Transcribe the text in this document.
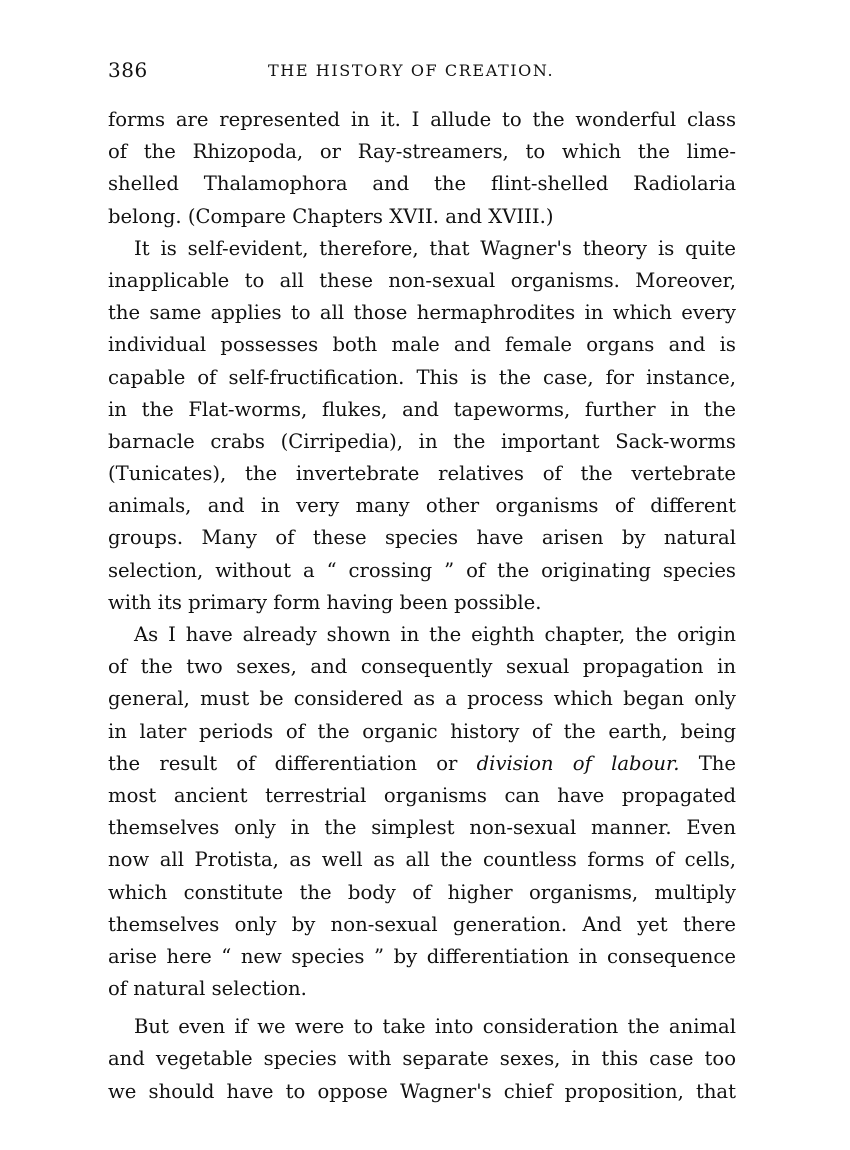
386	THE HISTORY OF CREATION.
forms are represented in it. I allude to the wonderful class
of the Rhizopoda, or Ray-streamers, to which the lime-
shelled Thalamophora and the flint-shelled Radiolaria
belong. (Compare Chapters XVII. and XVIII.)
It is self-evident, therefore, that Wagner's theory is quite
inapplicable to all these non-sexual organisms. Moreover,
the same applies to all those hermaphrodites in which every
individual possesses both male and female organs and is
capable of self-fructification. This is the case, for instance,
in the Flat-worms, flukes, and tapeworms, further in the
barnacle crabs (Cirripedia), in the important Sack-worms
(Tunicates), the invertebrate relatives of the vertebrate
animals, and in very many other organisms of different
groups. Many of these species have arisen by natural
selection, without a “ crossing ” of the originating species
with its primary form having been possible.
As I have already shown in the eighth chapter, the origin
of the two sexes, and consequently sexual propagation in
general, must be considered as a process which began only
in later periods of the organic history of the earth, being
the result of differentiation or division of labour. The
most ancient terrestrial organisms can have propagated
themselves only in the simplest non-sexual manner. Even
now all Protista, as well as all the countless forms of cells,
which constitute the body of higher organisms, multiply
themselves only by non-sexual generation. And yet there
arise here “ new species ” by differentiation in consequence
of natural selection.
But even if we were to take into consideration the animal
and vegetable species with separate sexes, in this case too
we should have to oppose Wagner's chief proposition, that
